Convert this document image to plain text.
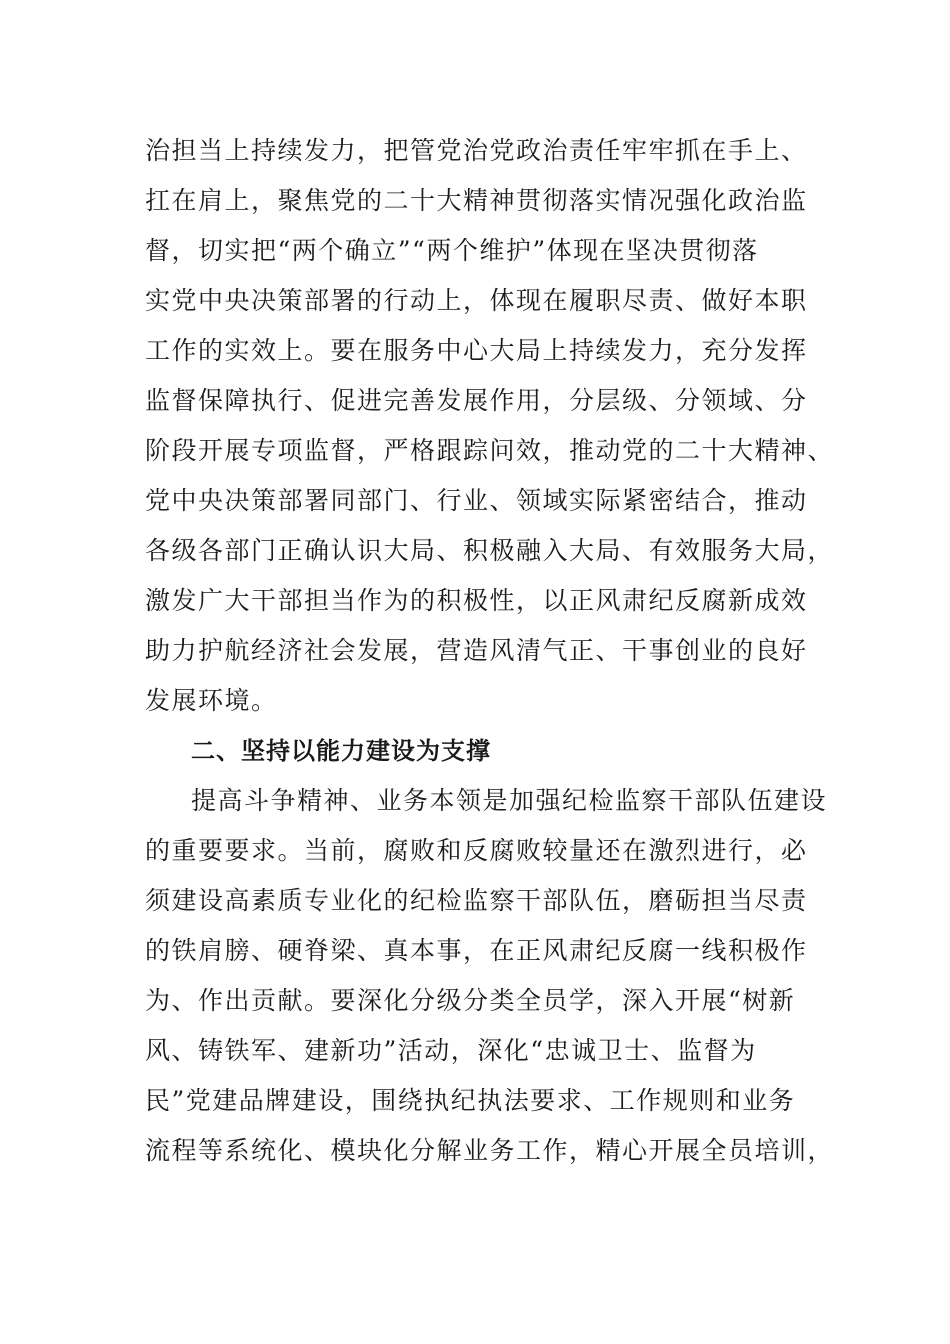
治担当上持续发力，把管党治党政治责任牢牢抓在手上、
扛在肩上，聚焦党的二十大精神贯彻落实情况强化政治监
督，切实把“两个确立”“两个维护”体现在坚决贯彻落
实党中央决策部署的行动上，体现在履职尽责、做好本职
工作的实效上。要在服务中心大局上持续发力，充分发挥
监督保障执行、促进完善发展作用，分层级、分领域、分
阶段开展专项监督，严格跟踪问效，推动党的二十大精神、
党中央决策部署同部门、行业、领域实际紧密结合，推动
各级各部门正确认识大局、积极融入大局、有效服务大局，
激发广大干部担当作为的积极性，以正风肃纪反腐新成效
助力护航经济社会发展，营造风清气正、干事创业的良好
发展环境。
二、坚持以能力建设为支撑
提高斗争精神、业务本领是加强纪检监察干部队伍建设
的重要要求。当前，腐败和反腐败较量还在激烈进行，必
须建设高素质专业化的纪检监察干部队伍，磨砺担当尽责
的铁肩膀、硬脊梁、真本事，在正风肃纪反腐一线积极作
为、作出贡献。要深化分级分类全员学，深入开展“树新
风、铸铁军、建新功”活动，深化“忠诚卫士、监督为
民”党建品牌建设，围绕执纪执法要求、工作规则和业务
流程等系统化、模块化分解业务工作，精心开展全员培训，
